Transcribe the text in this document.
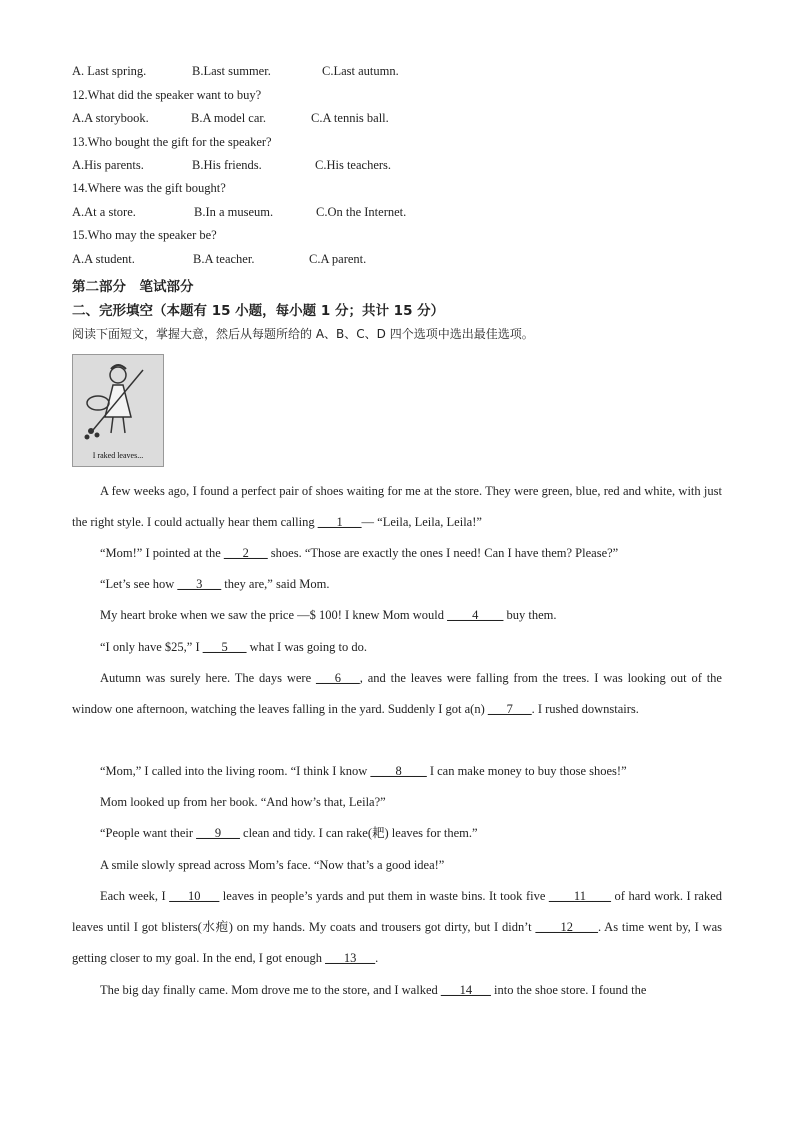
A. Last spring.	B.Last summer.	C.Last autumn.
12.What did the speaker want to buy?
A.A storybook.	B.A model car.	C.A tennis ball.
13.Who bought the gift for the speaker?
A.His parents.	B.His friends.	C.His teachers.
14.Where was the gift bought?
A.At a store.	B.In a museum.	C.On the Internet.
15.Who may the speaker be?
A.A student.	B.A teacher.	C.A parent.
第二部分　笔试部分
二、完形填空（本题有 15 小题，每小题 1 分；共计 15 分）
阅读下面短文，掌握大意，然后从每题所给的 A、B、C、D 四个选项中选出最佳选项。
I raked leaves...
A few weeks ago, I found a perfect pair of shoes waiting for me at the store. They were green, blue, red and white, with just the right style. I could actually hear them calling ___1___— “Leila, Leila, Leila!”
“Mom!” I pointed at the ___2___ shoes. “Those are exactly the ones I need! Can I have them? Please?”
“Let’s see how ___3___ they are,” said Mom.
My heart broke when we saw the price —$ 100! I knew Mom would ____4____ buy them.
“I only have $25,” I ___5___ what I was going to do.
Autumn was surely here. The days were ___6___, and the leaves were falling from the trees. I was looking out of the window one afternoon, watching the leaves falling in the yard. Suddenly I got a(n) ___7___. I rushed downstairs.
“Mom,” I called into the living room. “I think I know ____8____ I can make money to buy those shoes!”
Mom looked up from her book. “And how’s that, Leila?”
“People want their ___9___ clean and tidy. I can rake(耙) leaves for them.”
A smile slowly spread across Mom’s face. “Now that’s a good idea!”
Each week, I ___10___ leaves in people’s yards and put them in waste bins. It took five ____11____ of hard work. I raked leaves until I got blisters(水疱) on my hands. My coats and trousers got dirty, but I didn’t ____12____. As time went by, I was getting closer to my goal. In the end, I got enough ___13___.
The big day finally came. Mom drove me to the store, and I walked ___14___ into the shoe store. I found the
